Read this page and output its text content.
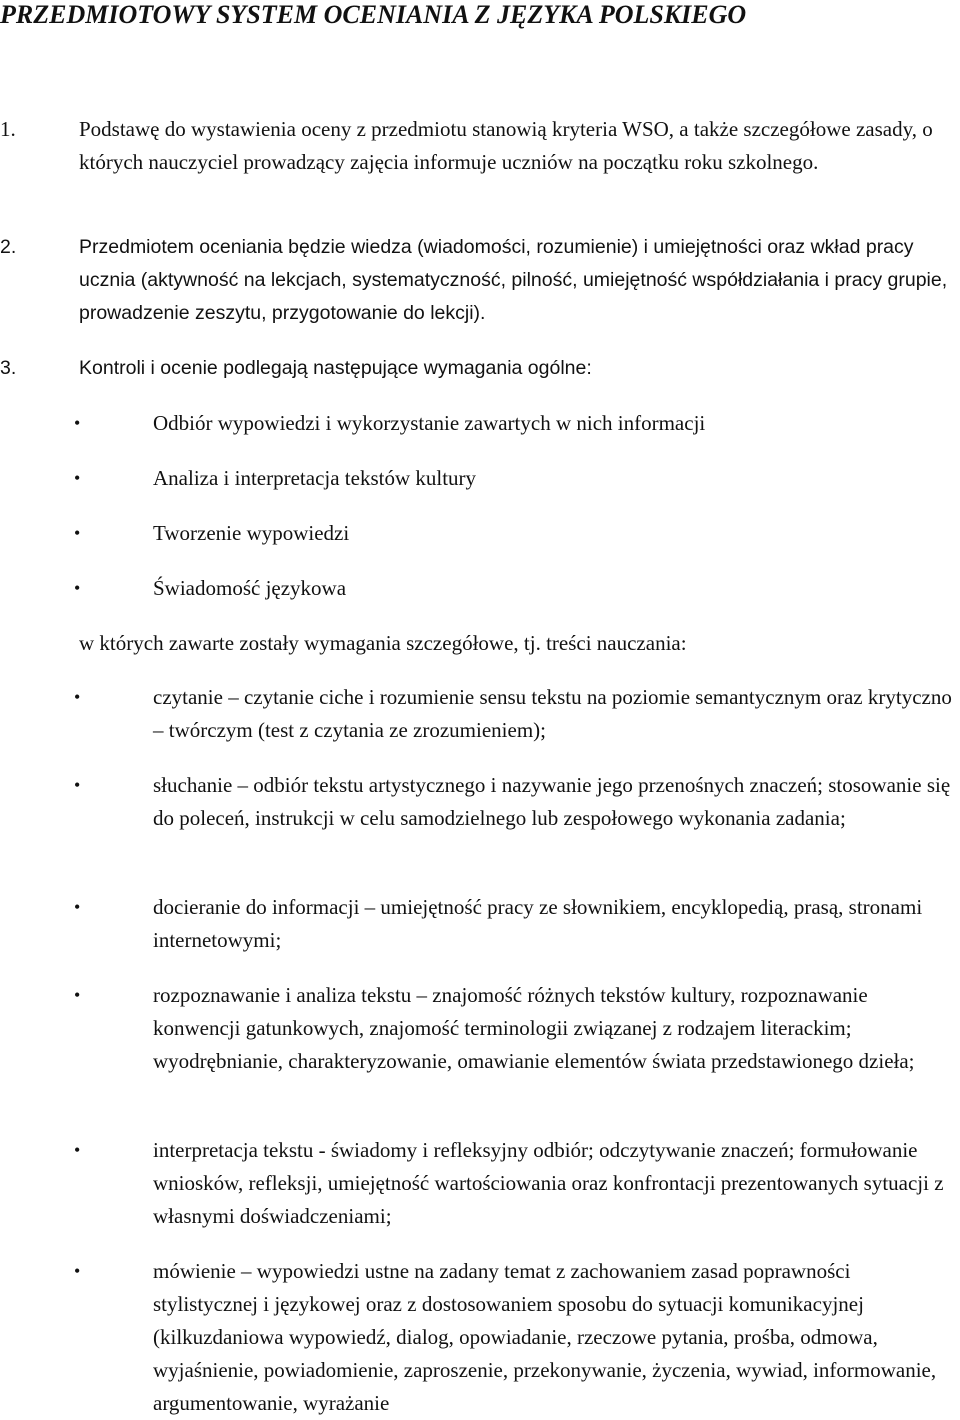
PRZEDMIOTOWY SYSTEM OCENIANIA Z JĘZYKA POLSKIEGO
1.	Podstawę do wystawienia oceny z przedmiotu stanowią kryteria WSO, a także szczegółowe zasady, o których nauczyciel prowadzący zajęcia informuje uczniów na początku roku szkolnego.
2.	Przedmiotem oceniania będzie wiedza (wiadomości, rozumienie) i umiejętności oraz wkład pracy ucznia (aktywność na lekcjach, systematyczność, pilność, umiejętność współdziałania i pracy grupie, prowadzenie zeszytu, przygotowanie do lekcji).
3.	Kontroli i ocenie podlegają następujące wymagania ogólne:
•	Odbiór wypowiedzi i wykorzystanie zawartych w nich informacji
•	Analiza i interpretacja tekstów kultury
•	Tworzenie wypowiedzi
•	Świadomość językowa
w których zawarte zostały wymagania szczegółowe, tj. treści nauczania:
•	czytanie – czytanie ciche i rozumienie sensu tekstu na poziomie semantycznym oraz krytyczno – twórczym (test z czytania ze zrozumieniem);
•	słuchanie – odbiór tekstu artystycznego i nazywanie jego przenośnych znaczeń; stosowanie się do poleceń, instrukcji w celu samodzielnego lub zespołowego wykonania zadania;
•	docieranie do informacji – umiejętność pracy ze słownikiem, encyklopedią, prasą, stronami internetowymi;
•	rozpoznawanie i analiza tekstu – znajomość różnych tekstów kultury, rozpoznawanie konwencji gatunkowych, znajomość terminologii związanej z rodzajem literackim; wyodrębnianie, charakteryzowanie, omawianie elementów świata przedstawionego dzieła;
•	interpretacja tekstu - świadomy i refleksyjny odbiór; odczytywanie znaczeń; formułowanie wniosków, refleksji, umiejętność wartościowania oraz konfrontacji prezentowanych sytuacji z własnymi doświadczeniami;
•	mówienie – wypowiedzi ustne na zadany temat z zachowaniem zasad poprawności stylistycznej i językowej oraz z dostosowaniem sposobu do sytuacji komunikacyjnej (kilkuzdaniowa wypowiedź, dialog, opowiadanie, rzeczowe pytania, prośba, odmowa, wyjaśnienie, powiadomienie, zaproszenie, przekonywanie, życzenia, wywiad, informowanie, argumentowanie, wyrażanie
